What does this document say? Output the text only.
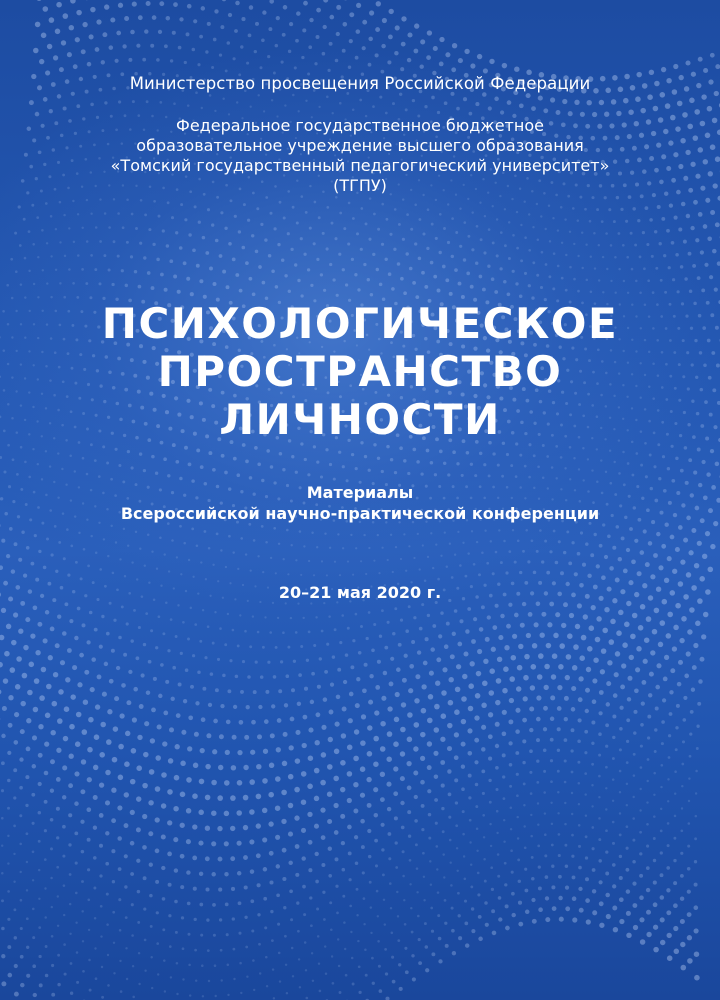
Министерство просвещения Российской Федерации

Федеральное государственное бюджетное
образовательное учреждение высшего образования
«Томский государственный педагогический университет»
(ТГПУ)
ПСИХОЛОГИЧЕСКОЕ
ПРОСТРАНСТВО
ЛИЧНОСТИ
Материалы
Всероссийской научно-практической конференции

20–21 мая 2020 г.
